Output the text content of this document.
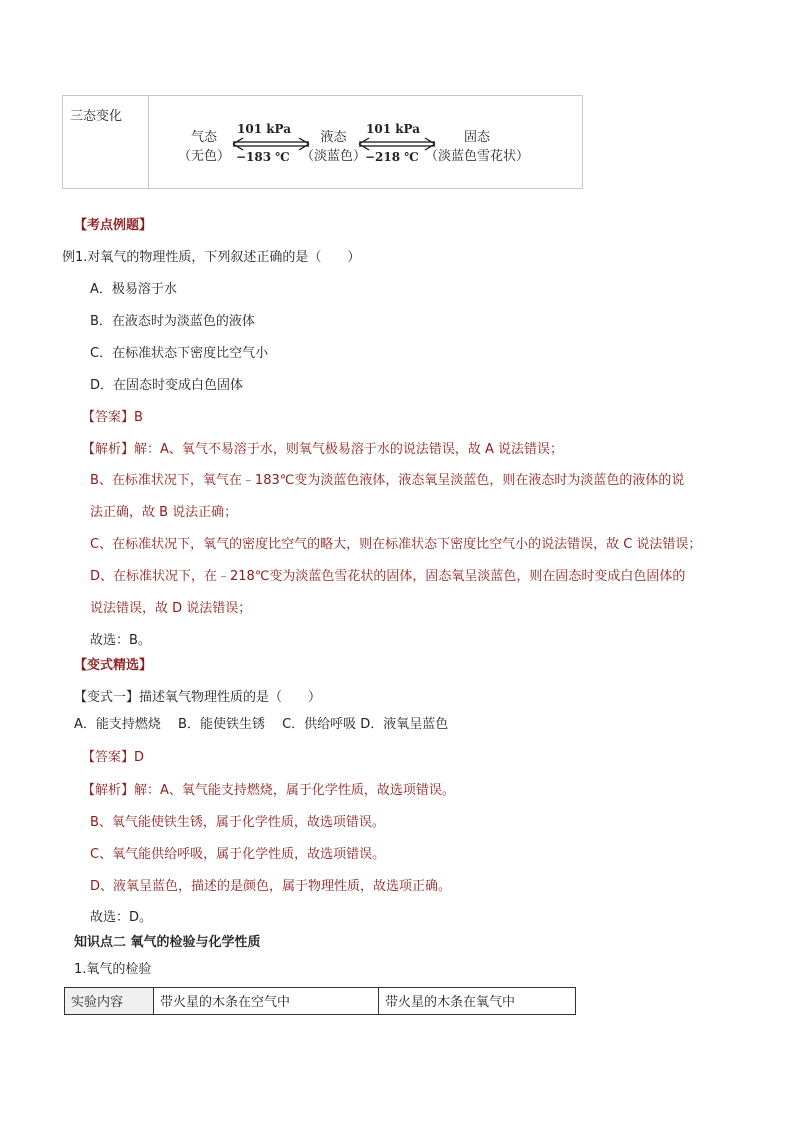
三态变化
气态
（无色）
101 kPa
−183 ℃
液态
（淡蓝色）
101 kPa
−218 ℃
固态
（淡蓝色雪花状）
【考点例题】
例1.对氧气的物理性质，下列叙述正确的是（　　）
A．极易溶于水
B．在液态时为淡蓝色的液体
C．在标准状态下密度比空气小
D．在固态时变成白色固体
【答案】B
【解析】解：A、氧气不易溶于水，则氧气极易溶于水的说法错误，故 A 说法错误；
B、在标准状况下，氧气在﹣183℃变为淡蓝色液体，液态氧呈淡蓝色，则在液态时为淡蓝色的液体的说
法正确，故 B 说法正确；
C、在标准状况下，氧气的密度比空气的略大，则在标准状态下密度比空气小的说法错误，故 C 说法错误；
D、在标准状况下，在﹣218℃变为淡蓝色雪花状的固体，固态氧呈淡蓝色，则在固态时变成白色固体的
说法错误，故 D 说法错误；
故选：B。
【变式精选】
【变式一】描述氧气物理性质的是（　　）
A．能支持燃烧　 B．能使铁生锈　 C．供给呼吸 D．液氧呈蓝色
【答案】D
【解析】解：A、氧气能支持燃烧，属于化学性质，故选项错误。
B、氧气能使铁生锈，属于化学性质，故选项错误。
C、氧气能供给呼吸，属于化学性质，故选项错误。
D、液氧呈蓝色，描述的是颜色，属于物理性质，故选项正确。
故选：D。
知识点二 氧气的检验与化学性质
1.氧气的检验
实验内容	带火星的木条在空气中	带火星的木条在氧气中
